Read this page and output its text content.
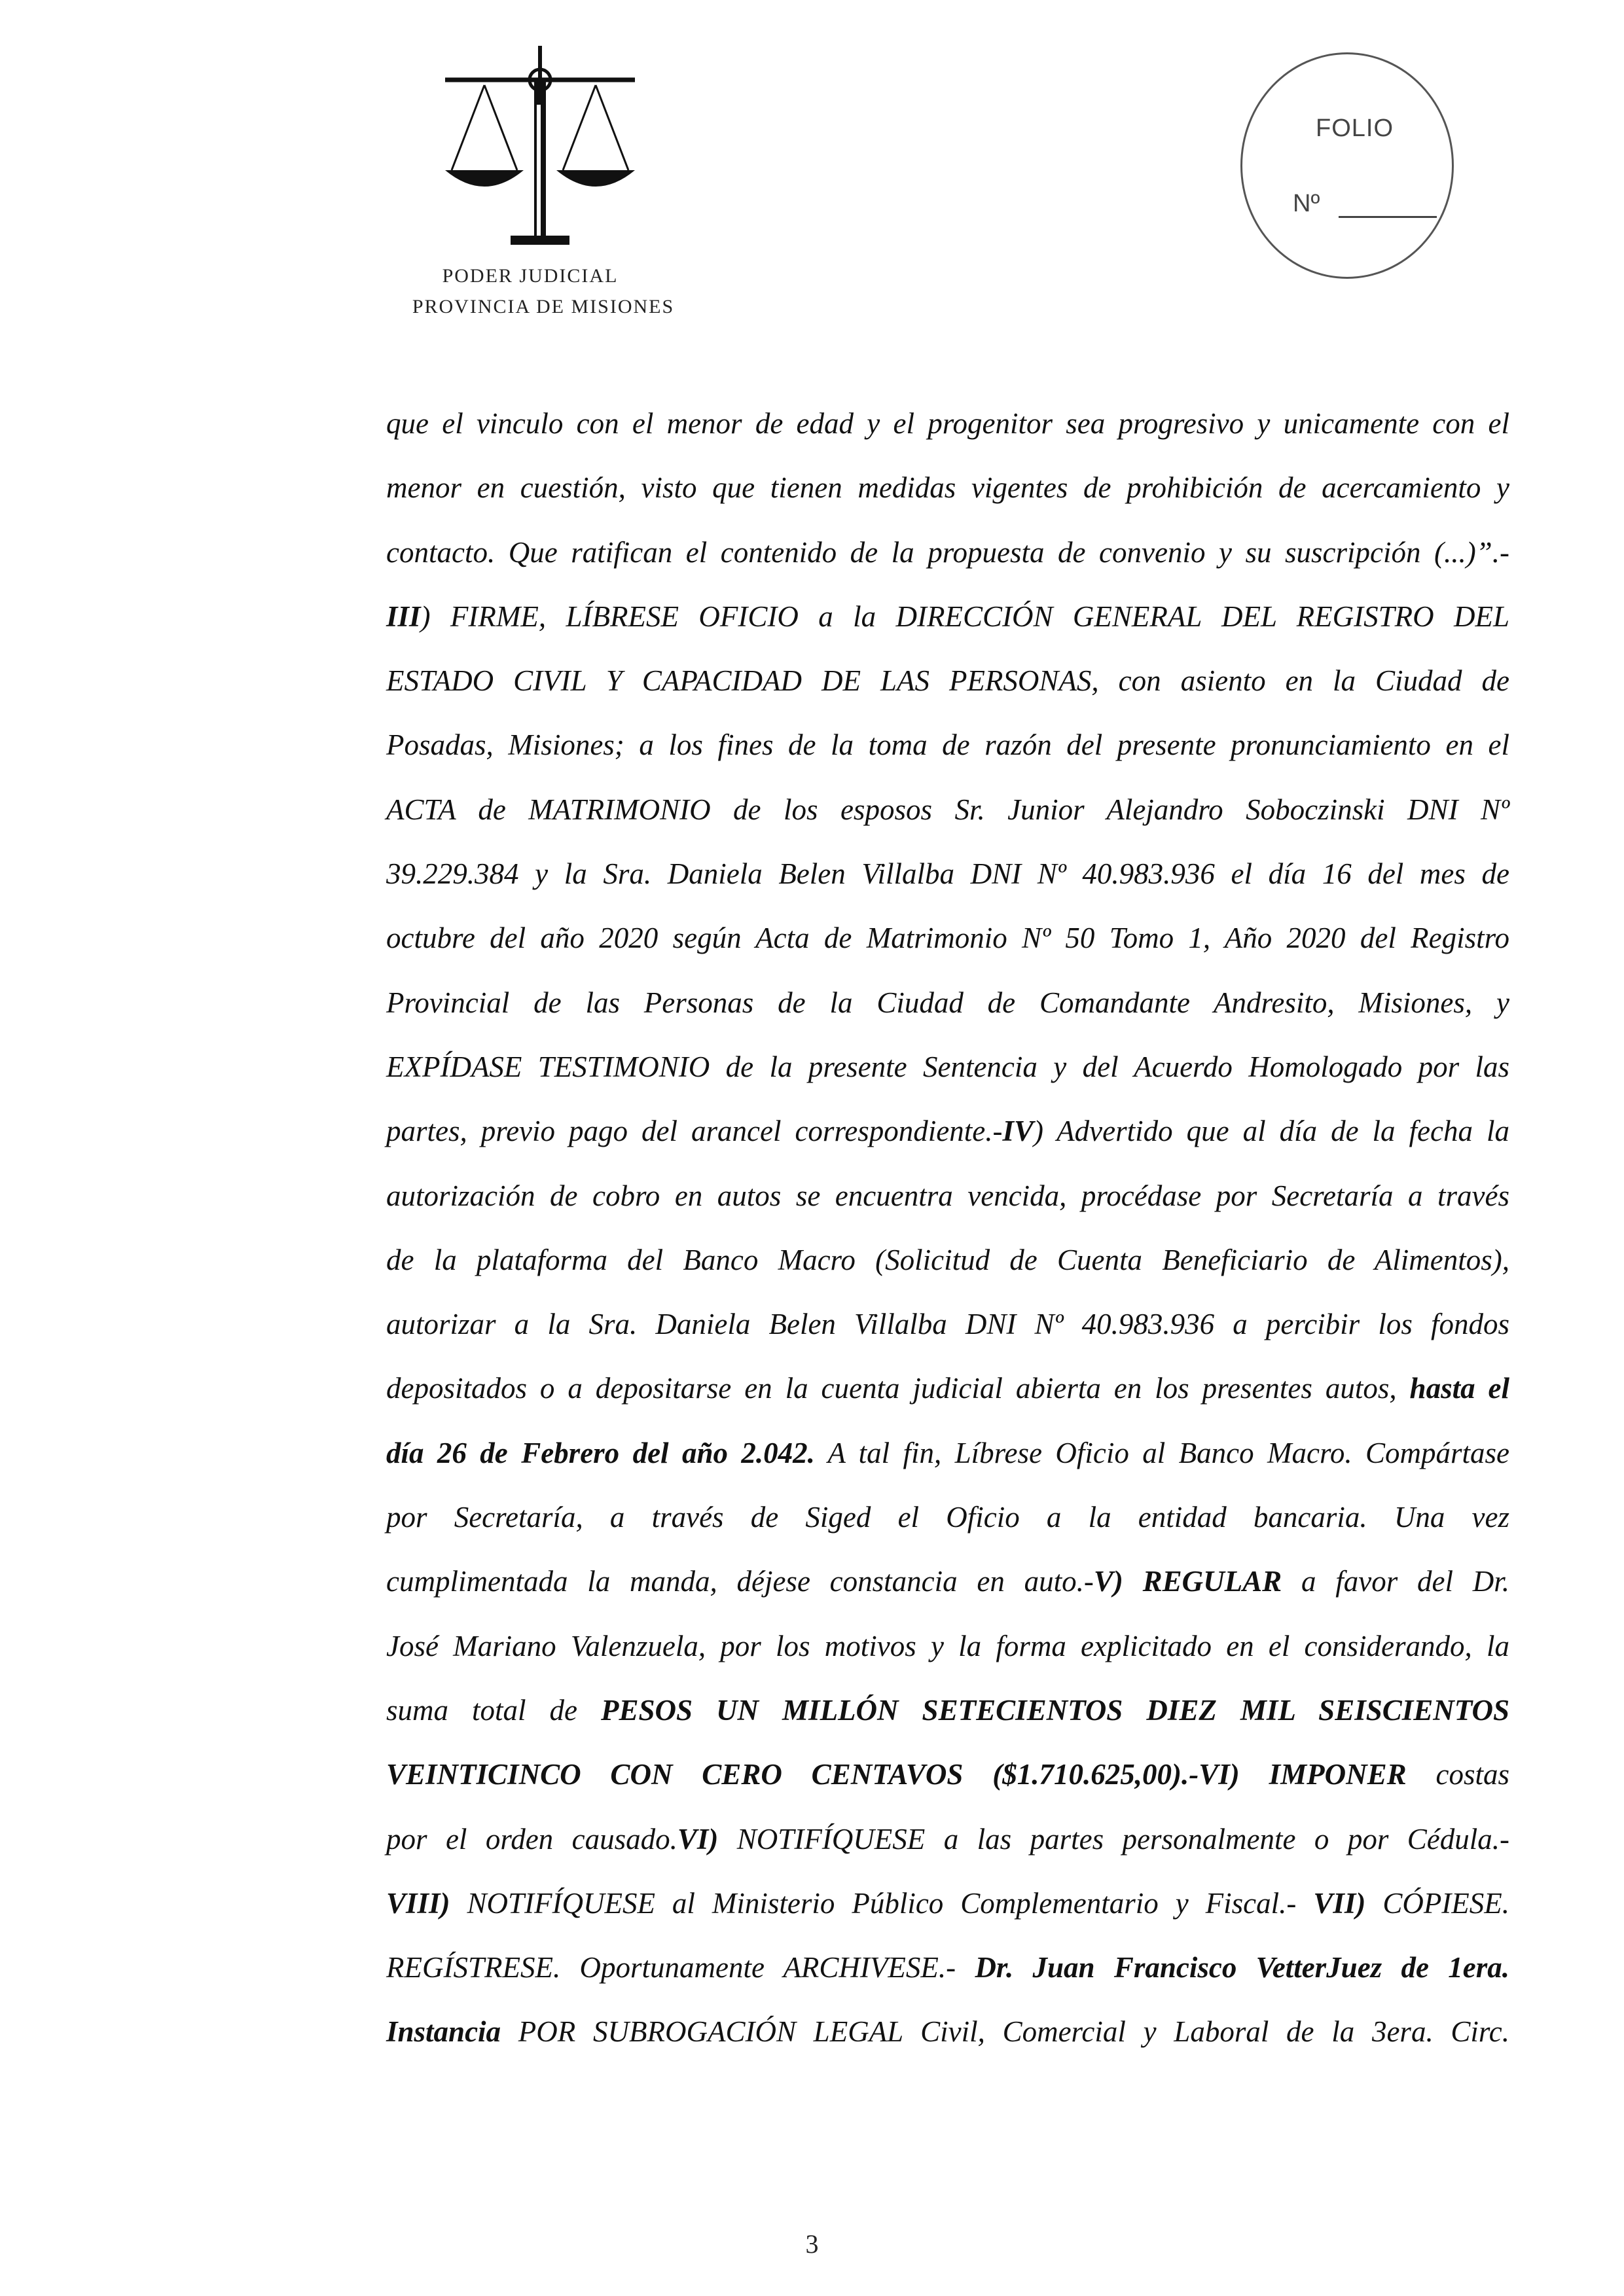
PODER JUDICIAL
PROVINCIA DE MISIONES
FOLIO
Nº
que el vinculo con el menor de edad y el progenitor sea progresivo y unicamente con el
menor en cuestión, visto que tienen medidas vigentes de prohibición de acercamiento y
contacto. Que ratifican el contenido de la propuesta de convenio y su suscripción (...)”.-
III) FIRME, LÍBRESE OFICIO a la DIRECCIÓN GENERAL DEL REGISTRO DEL
ESTADO CIVIL Y CAPACIDAD DE LAS PERSONAS, con asiento en la Ciudad de
Posadas, Misiones; a los fines de la toma de razón del presente pronunciamiento en el
ACTA de MATRIMONIO de los esposos Sr. Junior Alejandro Soboczinski DNI Nº
39.229.384 y la Sra. Daniela Belen Villalba DNI Nº 40.983.936 el día 16 del mes de
octubre del año 2020 según Acta de Matrimonio Nº 50 Tomo 1, Año 2020 del Registro
Provincial de las Personas de la Ciudad de Comandante Andresito, Misiones, y
EXPÍDASE TESTIMONIO de la presente Sentencia y del Acuerdo Homologado por las
partes, previo pago del arancel correspondiente.-IV) Advertido que al día de la fecha la
autorización de cobro en autos se encuentra vencida, procédase por Secretaría a través
de la plataforma del Banco Macro (Solicitud de Cuenta Beneficiario de Alimentos),
autorizar a la Sra. Daniela Belen Villalba DNI Nº 40.983.936 a percibir los fondos
depositados o a depositarse en la cuenta judicial abierta en los presentes autos, hasta el
día 26 de Febrero del año 2.042. A tal fin, Líbrese Oficio al Banco Macro. Compártase
por Secretaría, a través de Siged el Oficio a la entidad bancaria. Una vez
cumplimentada la manda, déjese constancia en auto.-V) REGULAR a favor del Dr.
José Mariano Valenzuela, por los motivos y la forma explicitado en el considerando, la
suma total de PESOS UN MILLÓN SETECIENTOS DIEZ MIL SEISCIENTOS
VEINTICINCO CON CERO CENTAVOS ($1.710.625,00).-VI) IMPONER costas
por el orden causado.VI) NOTIFÍQUESE a las partes personalmente o por Cédula.-
VIII) NOTIFÍQUESE al Ministerio Público Complementario y Fiscal.- VII) CÓPIESE.
REGÍSTRESE. Oportunamente ARCHIVESE.- Dr. Juan Francisco VetterJuez de 1era.
Instancia POR SUBROGACIÓN LEGAL Civil, Comercial y Laboral de la 3era. Circ.
3
